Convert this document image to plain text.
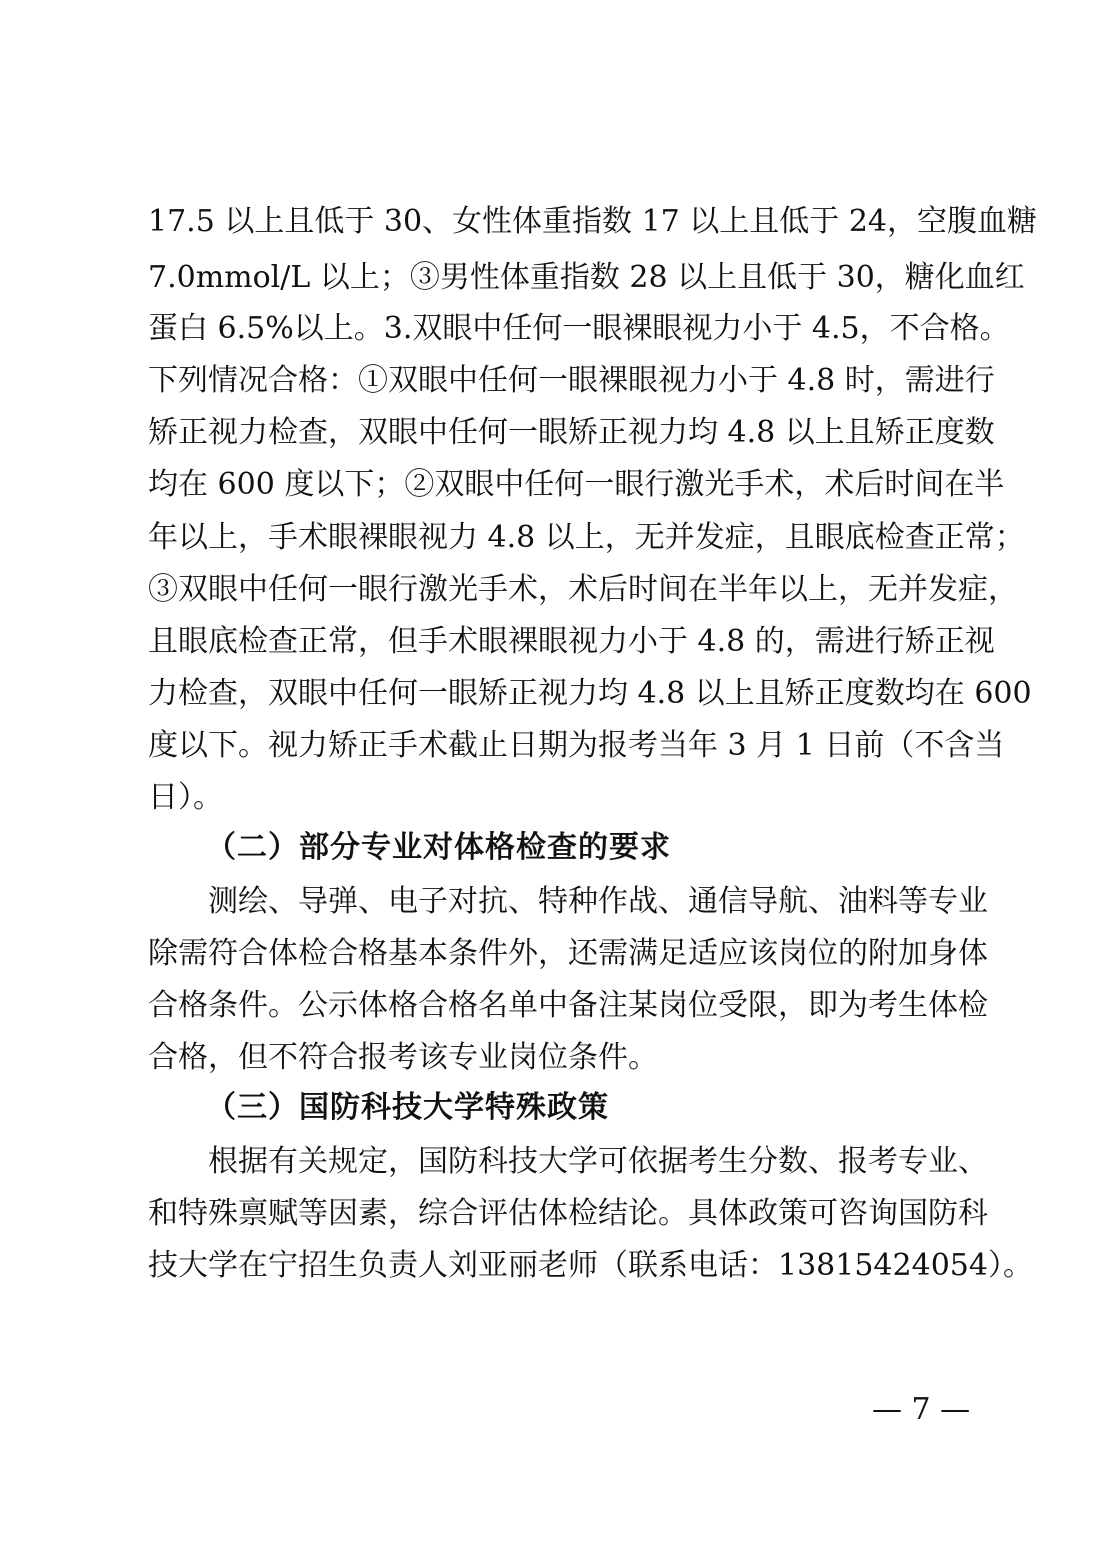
17.5 以上且低于 30、女性体重指数 17 以上且低于 24，空腹血糖
7.0mmol/L 以上；③男性体重指数 28 以上且低于 30，糖化血红
蛋白 6.5%以上。3.双眼中任何一眼裸眼视力小于 4.5，不合格。
下列情况合格：①双眼中任何一眼裸眼视力小于 4.8 时，需进行
矫正视力检查，双眼中任何一眼矫正视力均 4.8 以上且矫正度数
均在 600 度以下；②双眼中任何一眼行激光手术，术后时间在半
年以上，手术眼裸眼视力 4.8 以上，无并发症，且眼底检查正常；
③双眼中任何一眼行激光手术，术后时间在半年以上，无并发症，
且眼底检查正常，但手术眼裸眼视力小于 4.8 的，需进行矫正视
力检查，双眼中任何一眼矫正视力均 4.8 以上且矫正度数均在 600
度以下。视力矫正手术截止日期为报考当年 3 月 1 日前（不含当
日）。
（二）部分专业对体格检查的要求
测绘、导弹、电子对抗、特种作战、通信导航、油料等专业
除需符合体检合格基本条件外，还需满足适应该岗位的附加身体
合格条件。公示体格合格名单中备注某岗位受限，即为考生体检
合格，但不符合报考该专业岗位条件。
（三）国防科技大学特殊政策
根据有关规定，国防科技大学可依据考生分数、报考专业、
和特殊禀赋等因素，综合评估体检结论。具体政策可咨询国防科
技大学在宁招生负责人刘亚丽老师（联系电话：13815424054）。
— 7 —
